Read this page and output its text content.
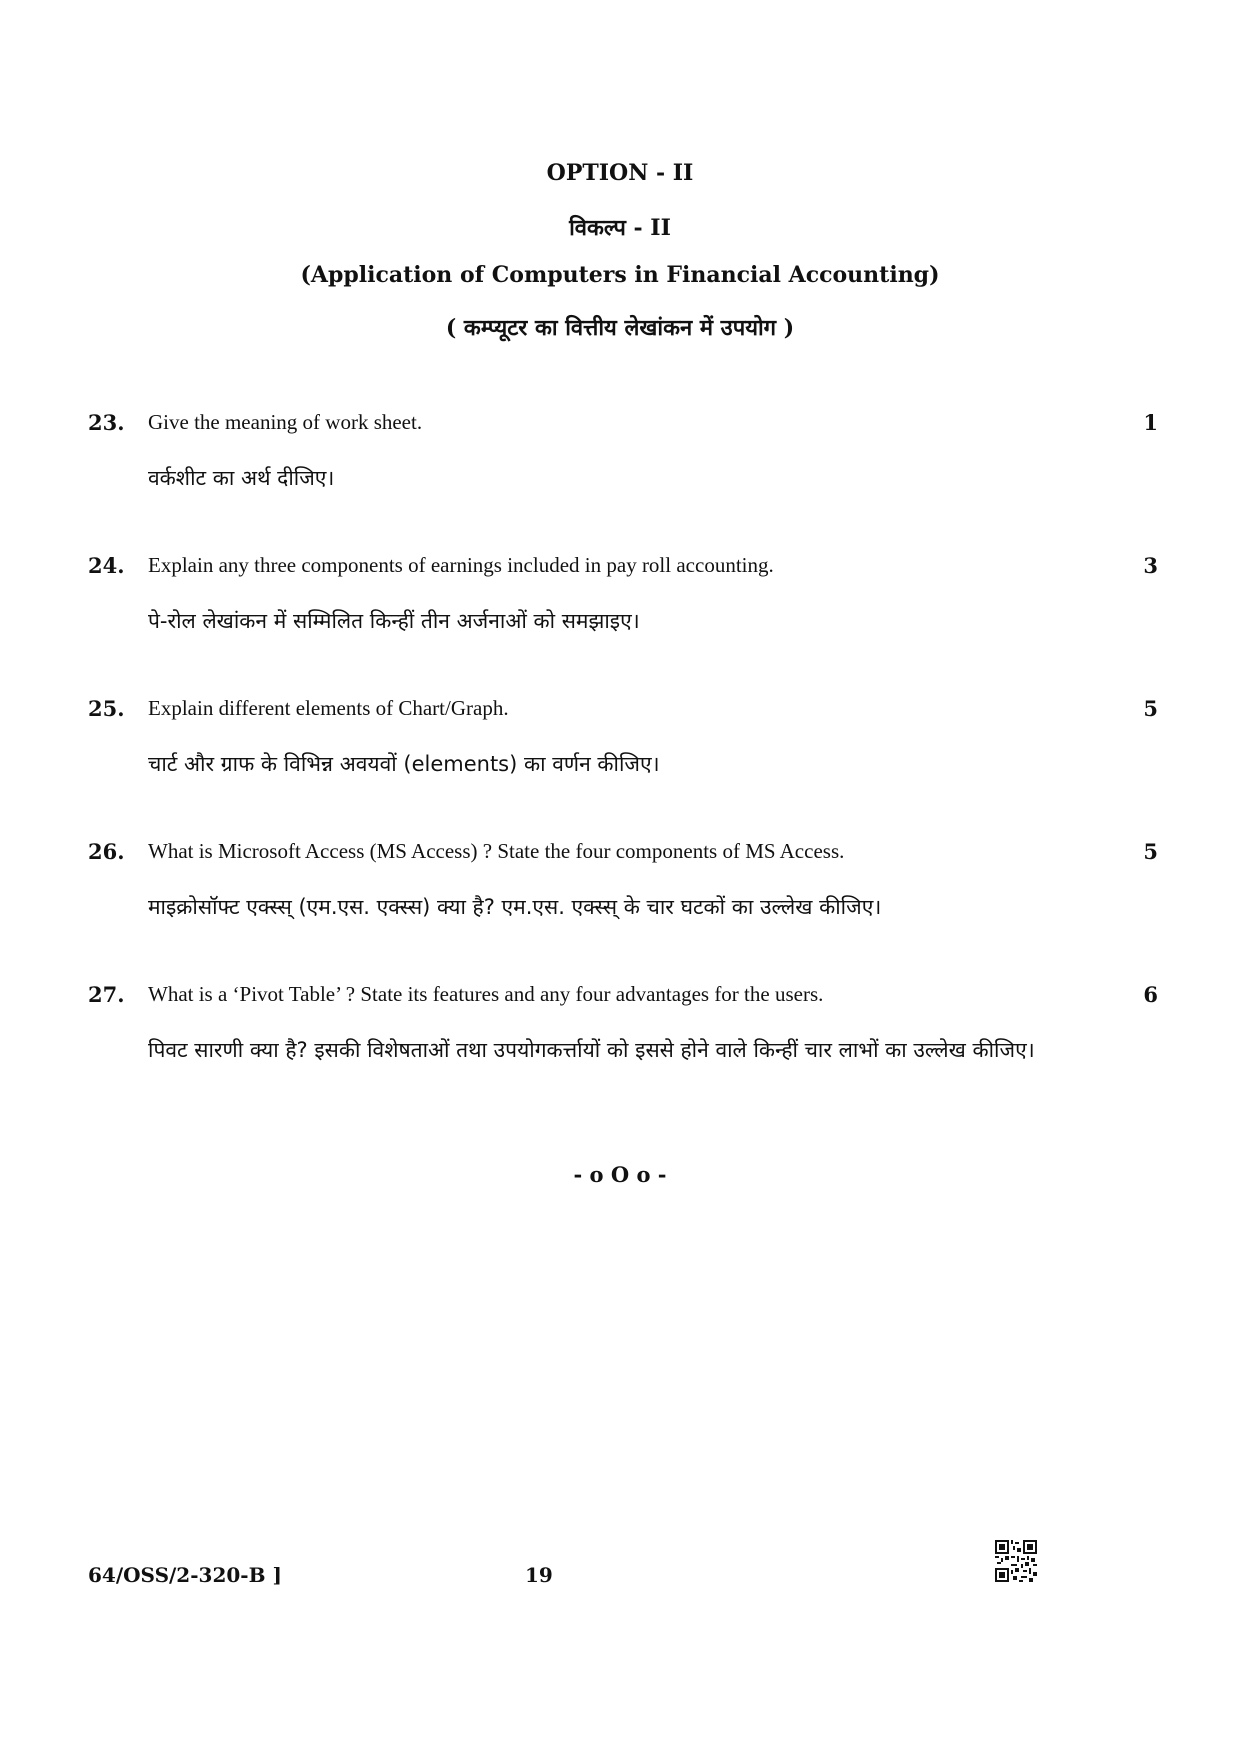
OPTION - II
विकल्प - II
(Application of Computers in Financial Accounting)
( कम्प्यूटर का वित्तीय लेखांकन में उपयोग )
23. Give the meaning of work sheet.	1
वर्कशीट का अर्थ दीजिए।
24. Explain any three components of earnings included in pay roll accounting.	3
पे-रोल लेखांकन में सम्मिलित किन्हीं तीन अर्जनाओं को समझाइए।
25. Explain different elements of Chart/Graph.	5
चार्ट और ग्राफ के विभिन्न अवयवों (elements) का वर्णन कीजिए।
26. What is Microsoft Access (MS Access) ? State the four components of MS Access.	5
माइक्रोसॉफ्ट एक्स्स् (एम.एस. एक्स्स) क्या है? एम.एस. एक्स्स् के चार घटकों का उल्लेख कीजिए।
27. What is a ‘Pivot Table’ ? State its features and any four advantages for the users.	6
पिवट सारणी क्या है? इसकी विशेषताओं तथा उपयोगकर्त्तायों को इससे होने वाले किन्हीं चार लाभों का उल्लेख कीजिए।
- o O o -
64/OSS/2-320-B ]	19
